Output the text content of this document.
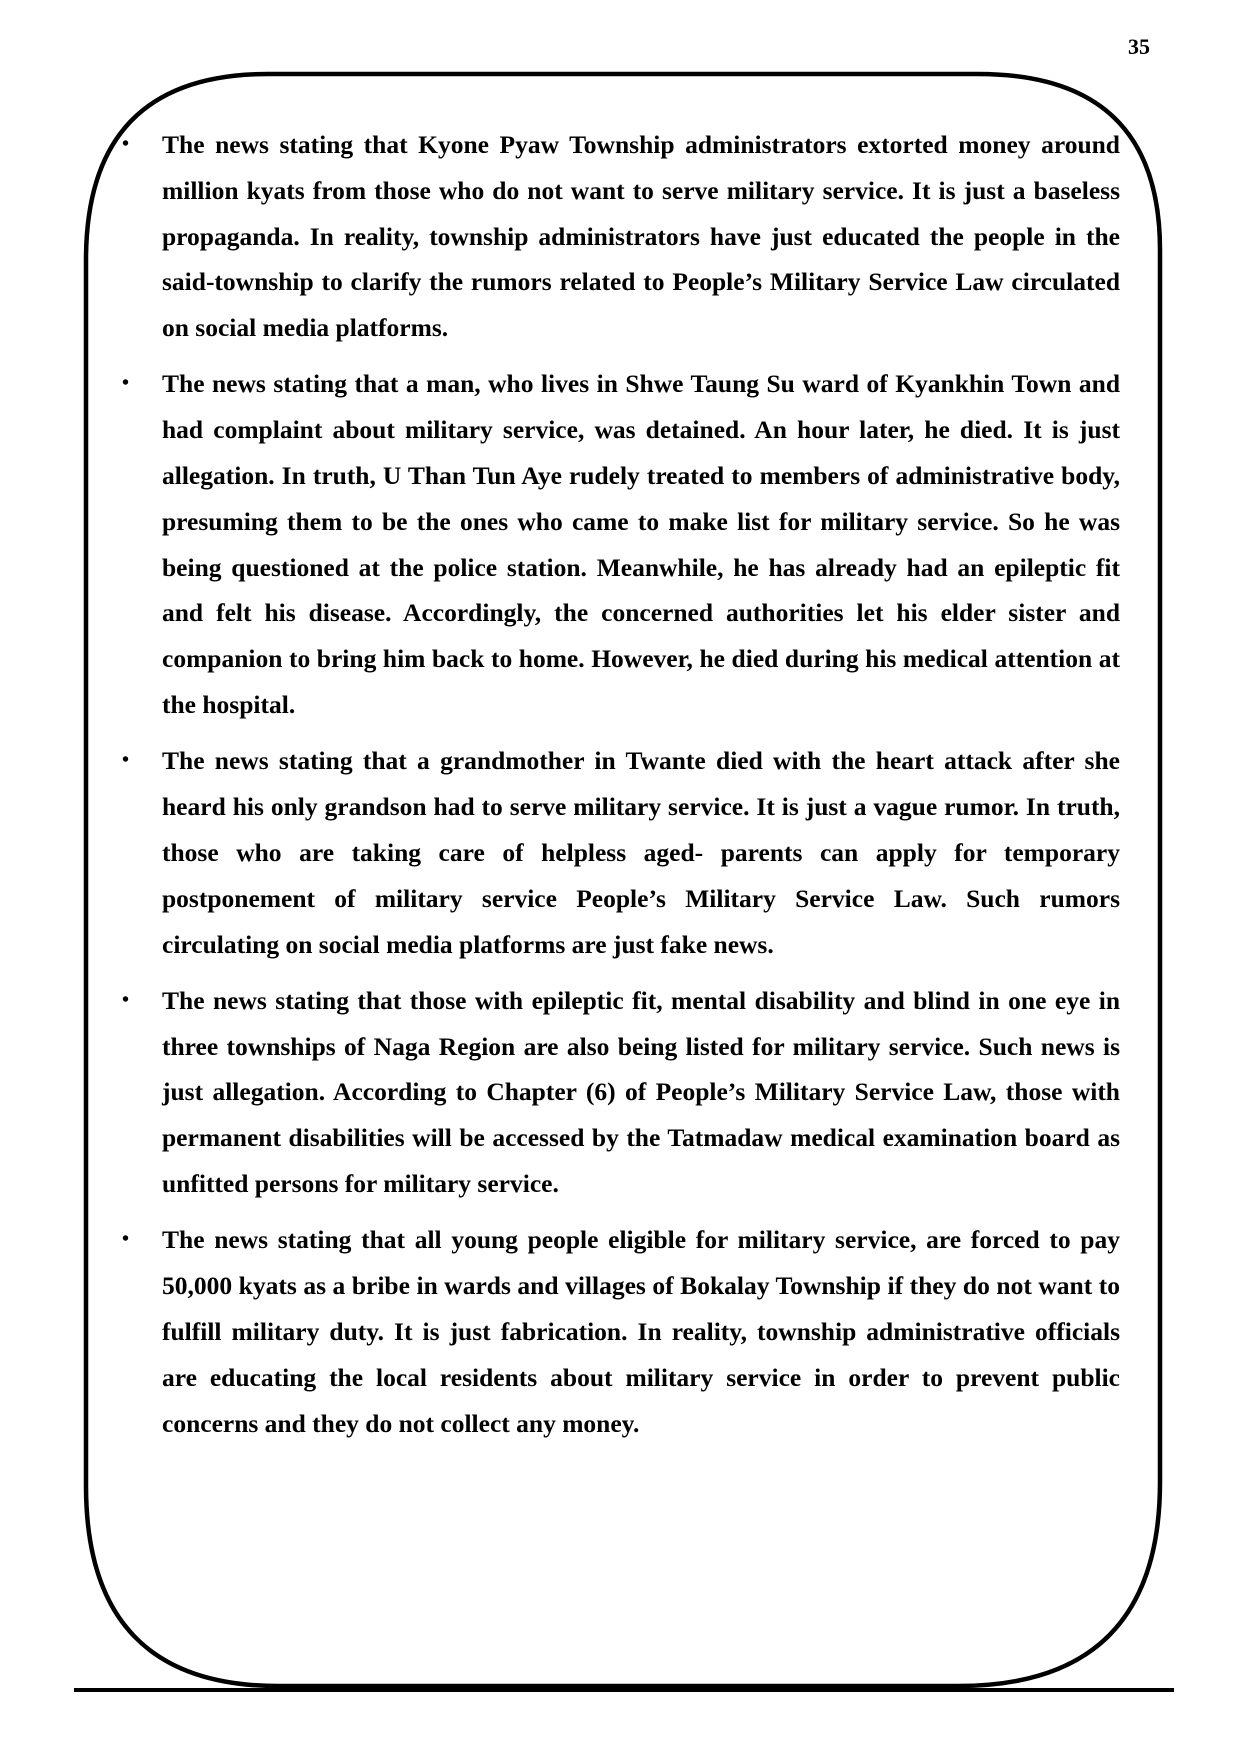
35
• The news stating that Kyone Pyaw Township administrators extorted money around million kyats from those who do not want to serve military service. It is just a baseless propaganda. In reality, township administrators have just educated the people in the said-township to clarify the rumors related to People’s Military Service Law circulated on social media platforms.
• The news stating that a man, who lives in Shwe Taung Su ward of Kyankhin Town and had complaint about military service, was detained. An hour later, he died. It is just allegation. In truth, U Than Tun Aye rudely treated to members of administrative body, presuming them to be the ones who came to make list for military service. So he was being questioned at the police station. Meanwhile, he has already had an epileptic fit and felt his disease. Accordingly, the concerned authorities let his elder sister and companion to bring him back to home. However, he died during his medical attention at the hospital.
• The news stating that a grandmother in Twante died with the heart attack after she heard his only grandson had to serve military service. It is just a vague rumor. In truth, those who are taking care of helpless aged- parents can apply for temporary postponement of military service People’s Military Service Law. Such rumors circulating on social media platforms are just fake news.
• The news stating that those with epileptic fit, mental disability and blind in one eye in three townships of Naga Region are also being listed for military service. Such news is just allegation. According to Chapter (6) of People’s Military Service Law, those with permanent disabilities will be accessed by the Tatmadaw medical examination board as unfitted persons for military service.
• The news stating that all young people eligible for military service, are forced to pay 50,000 kyats as a bribe in wards and villages of Bokalay Township if they do not want to fulfill military duty. It is just fabrication. In reality, township administrative officials are educating the local residents about military service in order to prevent public concerns and they do not collect any money.
